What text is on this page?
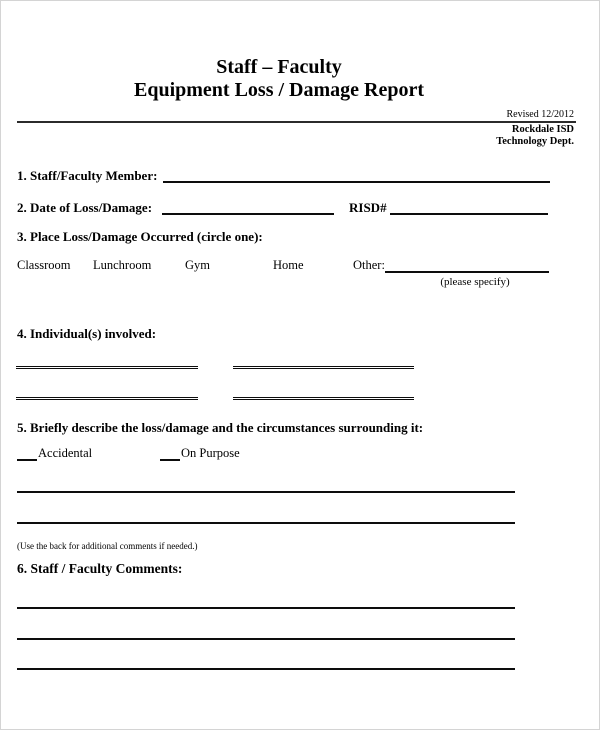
Staff – Faculty
Equipment Loss / Damage Report
Revised 12/2012
Rockdale ISD
Technology Dept.
1. Staff/Faculty Member:
2. Date of Loss/Damage:	RISD#
3. Place Loss/Damage Occurred (circle one):
Classroom Lunchroom	Gym	Home	Other:
(please specify)
4. Individual(s) involved:
5. Briefly describe the loss/damage and the circumstances surrounding it:
Accidental	On Purpose
(Use the back for additional comments if needed.)
6. Staff / Faculty Comments:
